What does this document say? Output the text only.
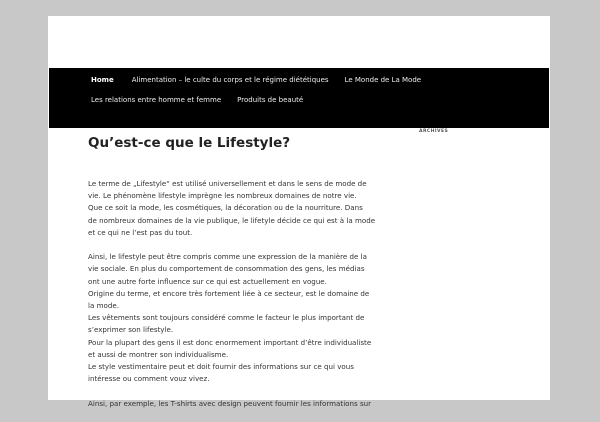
Home	Alimentation – le culte du corps et le régime diététiques	Le Monde de La Mode
Les relations entre homme et femme	Produits de beauté
Qu’est-ce que le Lifestyle?

Le terme de „Lifestyle“ est utilisé universellement et dans le sens de mode de
vie. Le phénomène lifestyle imprègne les nombreux domaines de notre vie.
Que ce soit la mode, les cosmétiques, la décoration ou de la nourriture. Dans
de nombreux domaines de la vie publique, le lifetyle décide ce qui est à la mode
et ce qui ne l’est pas du tout.

Ainsi, le lifestyle peut être compris comme une expression de la manière de la
vie sociale. En plus du comportement de consommation des gens, les médias
ont une autre forte influence sur ce qui est actuellement en vogue.
Origine du terme, et encore très fortement liée à ce secteur, est le domaine de
la mode.
Les vêtements sont toujours considéré comme le facteur le plus important de
s’exprimer son lifestyle.
Pour la plupart des gens il est donc enormement important d’être individualiste
et aussi de montrer son individualisme.
Le style vestimentaire peut et doit fournir des informations sur ce qui vous
intéresse ou comment vouz vivez.

Ainsi, par exemple, les T-shirts avec design peuvent fournir les informations sur

ARCHIVES
